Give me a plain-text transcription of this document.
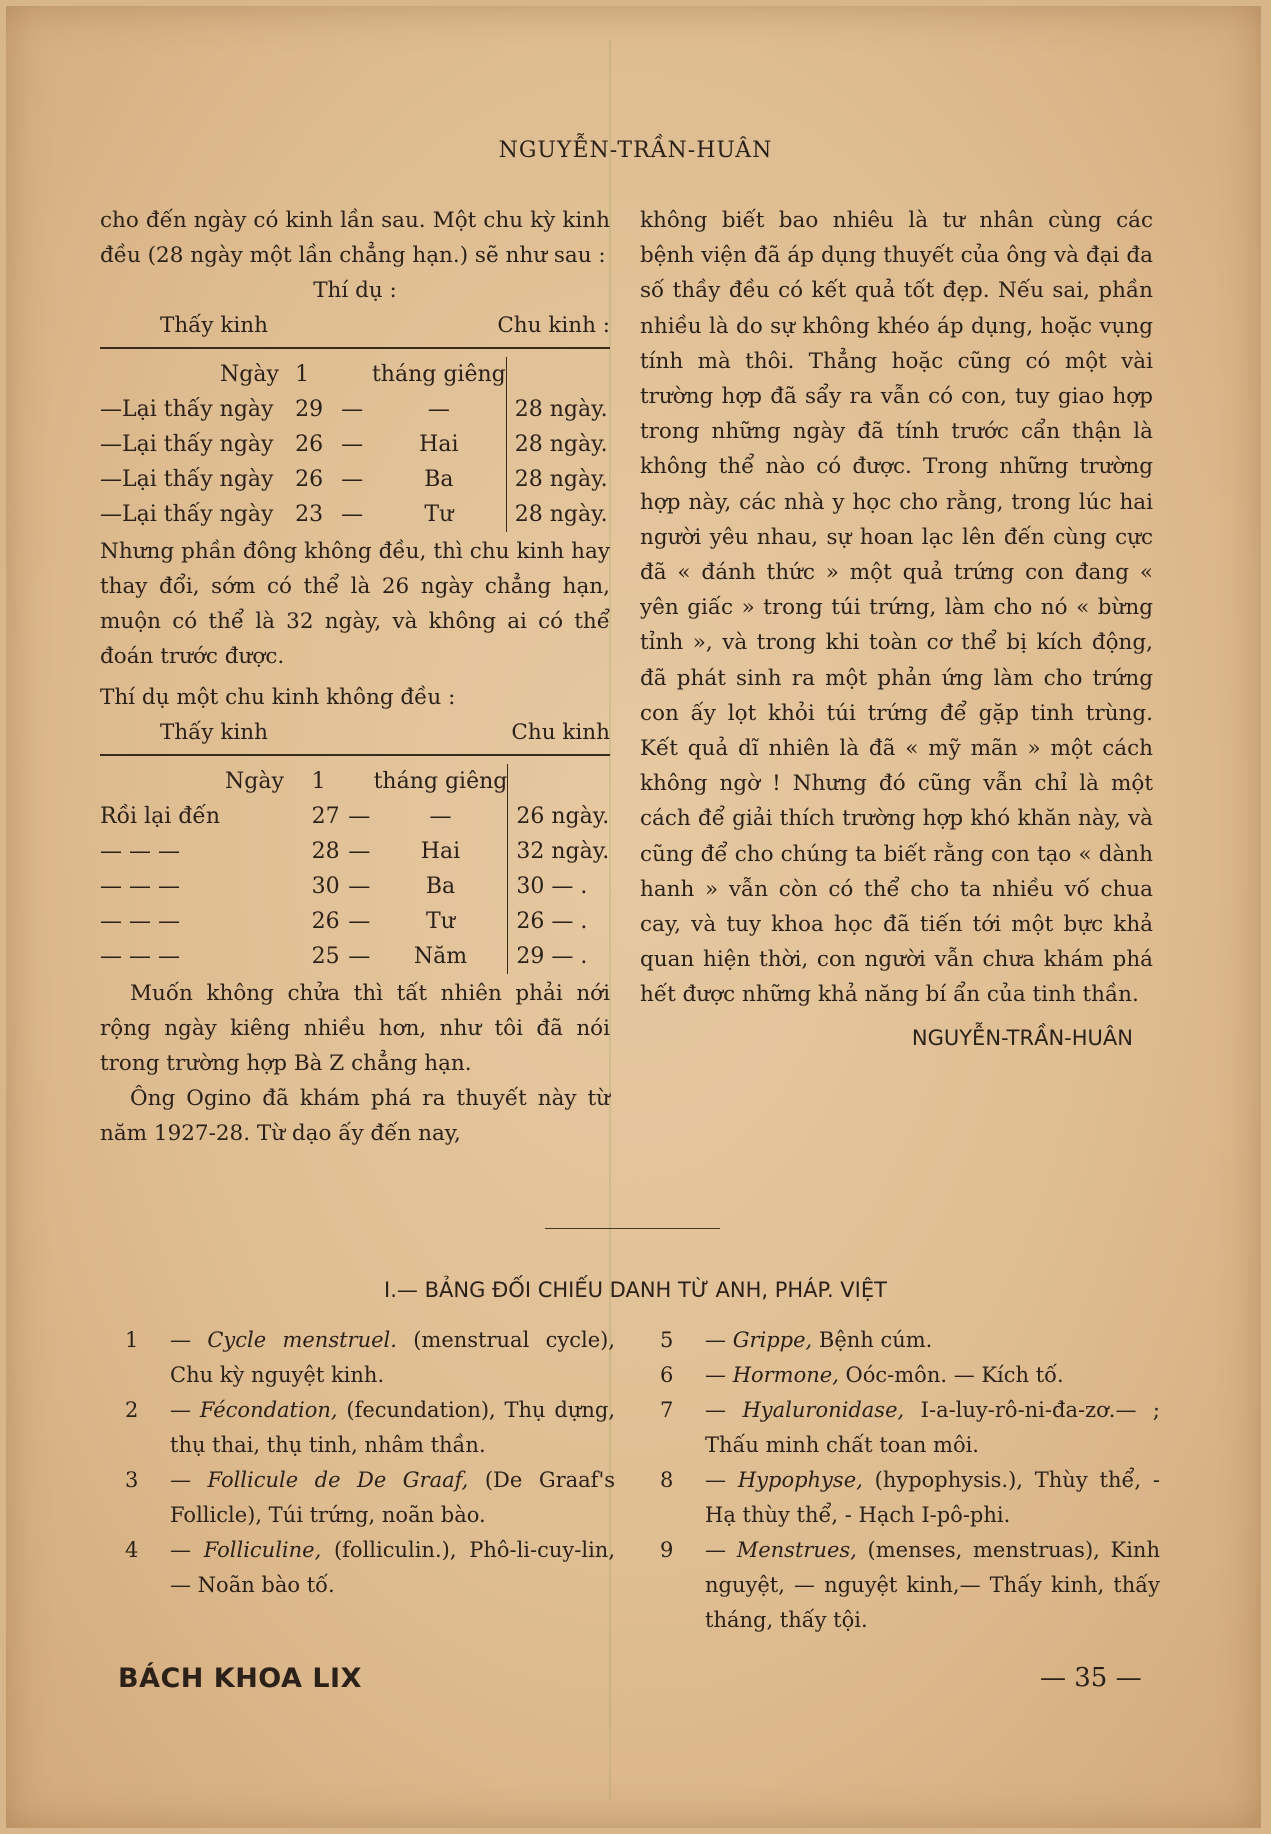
NGUYỄN-TRẦN-HUÂN

cho đến ngày có kinh lần sau. Một chu kỳ kinh đều (28 ngày một lần chẳng hạn.) sẽ như sau :

Thí dụ :
Thấy kinh	Chu kinh :
Ngày	1		tháng giêng	
—Lại thấy ngày	29	—	—	28 ngày.
—Lại thấy ngày	26	—	Hai	28 ngày.
—Lại thấy ngày	26	—	Ba	28 ngày.
—Lại thấy ngày	23	—	Tư	28 ngày.

Nhưng phần đông không đều, thì chu kinh hay thay đổi, sớm có thể là 26 ngày chẳng hạn, muộn có thể là 32 ngày, và không ai có thể đoán trước được.

Thí dụ một chu kinh không đều :
Thấy kinh	Chu kinh
Ngày	1		tháng giêng	
Rồi lại đến	27	—	—	26 ngày.
— — —	28	—	Hai	32 ngày.
— — —	30	—	Ba	30 — .
— — —	26	—	Tư	26 — .
— — —	25	—	Năm	29 — .

Muốn không chửa thì tất nhiên phải nới rộng ngày kiêng nhiều hơn, như tôi đã nói trong trường hợp Bà Z chẳng hạn.

Ông Ogino đã khám phá ra thuyết này từ năm 1927-28. Từ dạo ấy đến nay,

không biết bao nhiêu là tư nhân cùng các bệnh viện đã áp dụng thuyết của ông và đại đa số thầy đều có kết quả tốt đẹp. Nếu sai, phần nhiều là do sự không khéo áp dụng, hoặc vụng tính mà thôi. Thẳng hoặc cũng có một vài trường hợp đã sẩy ra vẫn có con, tuy giao hợp trong những ngày đã tính trước cẩn thận là không thể nào có được. Trong những trường hợp này, các nhà y học cho rằng, trong lúc hai người yêu nhau, sự hoan lạc lên đến cùng cực đã « đánh thức » một quả trứng con đang « yên giấc » trong túi trứng, làm cho nó « bừng tỉnh », và trong khi toàn cơ thể bị kích động, đã phát sinh ra một phản ứng làm cho trứng con ấy lọt khỏi túi trứng để gặp tinh trùng. Kết quả dĩ nhiên là đã « mỹ mãn » một cách không ngờ ! Nhưng đó cũng vẫn chỉ là một cách để giải thích trường hợp khó khăn này, và cũng để cho chúng ta biết rằng con tạo « dành hanh » vẫn còn có thể cho ta nhiều vố chua cay, và tuy khoa học đã tiến tới một bực khả quan hiện thời, con người vẫn chưa khám phá hết được những khả năng bí ẩn của tinh thần.

NGUYỄN-TRẦN-HUÂN
I.— BẢNG ĐỐI CHIẾU DANH TỪ ANH, PHÁP. VIỆT
1	— Cycle menstruel. (menstrual cycle), Chu kỳ nguyệt kinh.
2	— Fécondation, (fecundation), Thụ dựng, thụ thai, thụ tinh, nhâm thần.
3	— Follicule de De Graaf, (De Graaf's Follicle), Túi trứng, noãn bào.
4	— Folliculine, (folliculin.), Phô-li-cuy-lin, — Noãn bào tố.
5	— Grippe, Bệnh cúm.
6	— Hormone, Oóc-môn. — Kích tố.
7	— Hyaluronidase, I-a-luy-rô-ni-đa-zơ.— ; Thấu minh chất toan môi.
8	— Hypophyse, (hypophysis.), Thùy thể, - Hạ thùy thể, - Hạch I-pô-phi.
9	— Menstrues, (menses, menstruas), Kinh nguyệt, — nguyệt kinh,— Thấy kinh, thấy tháng, thấy tội.
BÁCH KHOA LIX	— 35 —
